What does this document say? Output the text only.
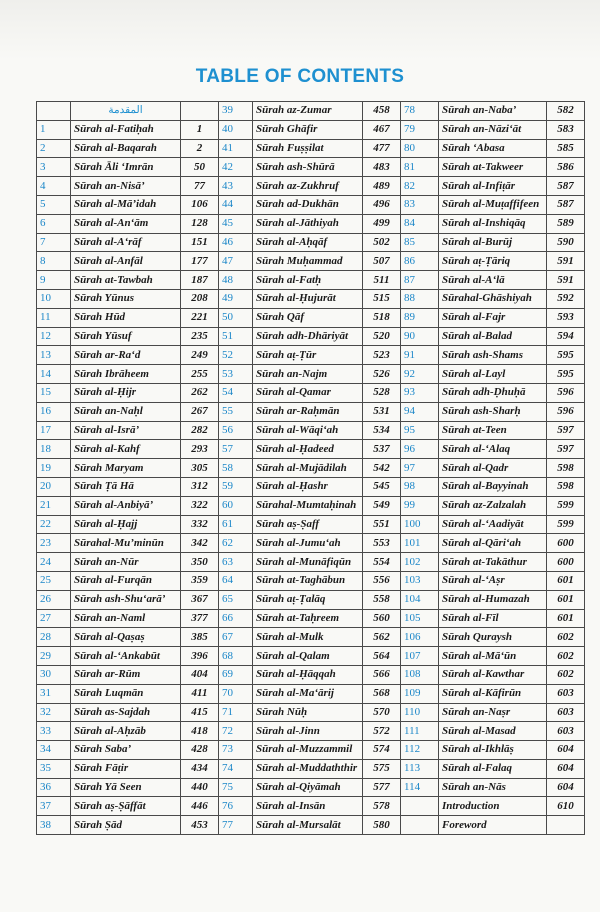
TABLE OF CONTENTS
	المقدمة		39	Sūrah az-Zumar	458	78	Sūrah an-Naba’	582
1	Sūrah al-Fatiḥah	1	40	Sūrah Ghāfir	467	79	Sūrah an-Nāzi‘āt	583
2	Sūrah al-Baqarah	2	41	Sūrah Fuṣṣilat	477	80	Sūrah ‘Abasa	585
3	Sūrah Āli ‘Imrān	50	42	Sūrah ash-Shūrā	483	81	Sūrah at-Takweer	586
4	Sūrah an-Nisā’	77	43	Sūrah az-Zukhruf	489	82	Sūrah al-Infiṭār	587
5	Sūrah al-Mā’idah	106	44	Sūrah ad-Dukhān	496	83	Sūrah al-Muṭaffifeen	587
6	Sūrah al-An‘ām	128	45	Sūrah al-Jāthiyah	499	84	Sūrah al-Inshiqāq	589
7	Sūrah al-A‘rāf	151	46	Sūrah al-Aḥqāf	502	85	Sūrah al-Burūj	590
8	Sūrah al-Anfāl	177	47	Sūrah Muḥammad	507	86	Sūrah aṭ-Ṭāriq	591
9	Sūrah at-Tawbah	187	48	Sūrah al-Fatḥ	511	87	Sūrah al-A‘lā	591
10	Sūrah Yūnus	208	49	Sūrah al-Ḥujurāt	515	88	Sūrahal-Ghāshiyah	592
11	Sūrah Hūd	221	50	Sūrah Qāf	518	89	Sūrah al-Fajr	593
12	Sūrah Yūsuf	235	51	Sūrah adh-Dhāriyāt	520	90	Sūrah al-Balad	594
13	Sūrah ar-Ra‘d	249	52	Sūrah aṭ-Ṭūr	523	91	Sūrah ash-Shams	595
14	Sūrah Ibrāheem	255	53	Sūrah an-Najm	526	92	Sūrah al-Layl	595
15	Sūrah al-Ḥijr	262	54	Sūrah al-Qamar	528	93	Sūrah adh-Ḍhuḥā	596
16	Sūrah an-Naḥl	267	55	Sūrah ar-Raḥmān	531	94	Sūrah ash-Sharḥ	596
17	Sūrah al-Isrā’	282	56	Sūrah al-Wāqi‘ah	534	95	Sūrah at-Teen	597
18	Sūrah al-Kahf	293	57	Sūrah al-Ḥadeed	537	96	Sūrah al-‘Alaq	597
19	Sūrah Maryam	305	58	Sūrah al-Mujādilah	542	97	Sūrah al-Qadr	598
20	Sūrah Ṭā Hā	312	59	Sūrah al-Ḥashr	545	98	Sūrah al-Bayyinah	598
21	Sūrah al-Anbiyā’	322	60	Sūrahal-Mumtaḥinah	549	99	Sūrah az-Zalzalah	599
22	Sūrah al-Ḥajj	332	61	Sūrah aṣ-Ṣaff	551	100	Sūrah al-‘Aadiyāt	599
23	Sūrahal-Mu’minūn	342	62	Sūrah al-Jumu‘ah	553	101	Sūrah al-Qāri‘ah	600
24	Sūrah an-Nūr	350	63	Sūrah al-Munāfiqūn	554	102	Sūrah at-Takāthur	600
25	Sūrah al-Furqān	359	64	Sūrah at-Taghābun	556	103	Sūrah al-‘Aṣr	601
26	Sūrah ash-Shu‘arā’	367	65	Sūrah aṭ-Ṭalāq	558	104	Sūrah al-Humazah	601
27	Sūrah an-Naml	377	66	Sūrah at-Taḥreem	560	105	Sūrah al-Fīl	601
28	Sūrah al-Qaṣaṣ	385	67	Sūrah al-Mulk	562	106	Sūrah Quraysh	602
29	Sūrah al-‘Ankabūt	396	68	Sūrah al-Qalam	564	107	Sūrah al-Mā‘ūn	602
30	Sūrah ar-Rūm	404	69	Sūrah al-Ḥāqqah	566	108	Sūrah al-Kawthar	602
31	Sūrah Luqmān	411	70	Sūrah al-Ma‘ārij	568	109	Sūrah al-Kāfirūn	603
32	Sūrah as-Sajdah	415	71	Sūrah Nūḥ	570	110	Sūrah an-Naṣr	603
33	Sūrah al-Aḥzāb	418	72	Sūrah al-Jinn	572	111	Sūrah al-Masad	603
34	Sūrah Saba’	428	73	Sūrah al-Muzzammil	574	112	Sūrah al-Ikhlāṣ	604
35	Sūrah Fāṭir	434	74	Sūrah al-Muddaththir	575	113	Sūrah al-Falaq	604
36	Sūrah Yā Seen	440	75	Sūrah al-Qiyāmah	577	114	Sūrah an-Nās	604
37	Sūrah aṣ-Ṣāffāt	446	76	Sūrah al-Insān	578		Introduction	610
38	Sūrah Ṣād	453	77	Sūrah al-Mursalāt	580		Foreword	
